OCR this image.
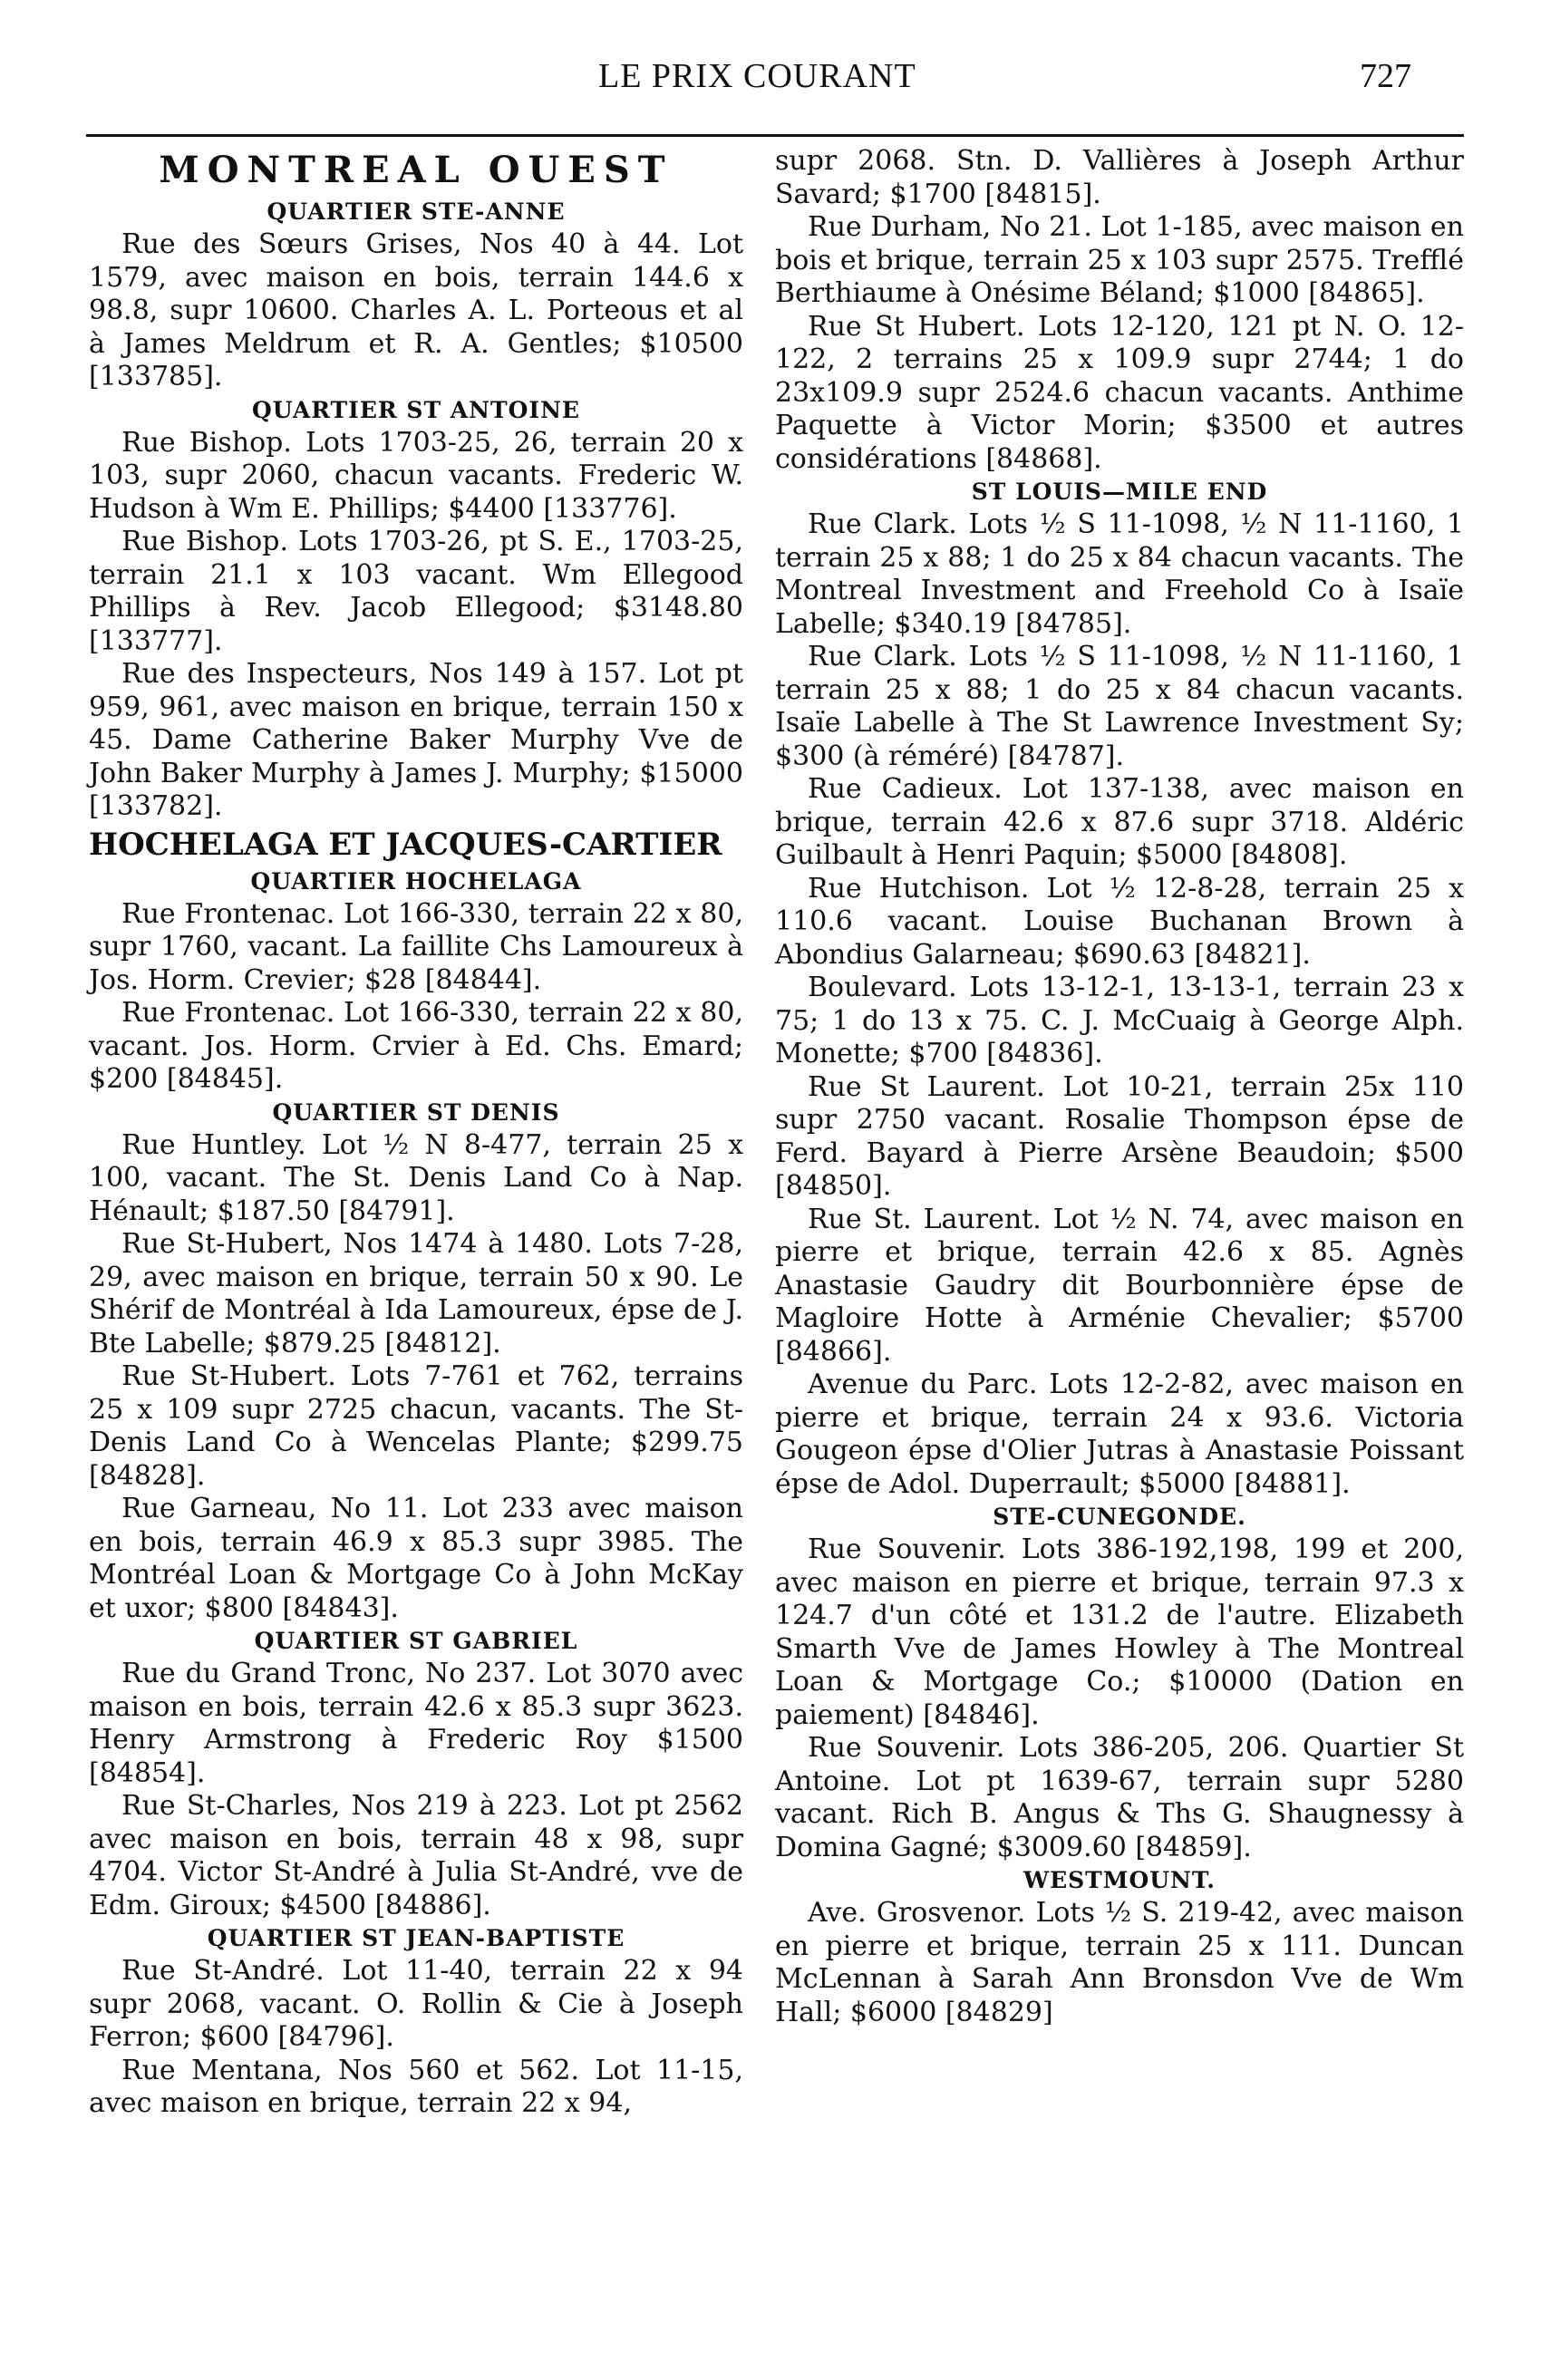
LE PRIX COURANT	727
MONTREAL OUEST
QUARTIER STE-ANNE

Rue des Sœurs Grises, Nos 40 à 44. Lot 1579, avec maison en bois, terrain 144.6 x 98.8, supr 10600. Charles A. L. Porteous et al à James Meldrum et R. A. Gentles; $10500 [133785].

QUARTIER ST ANTOINE

Rue Bishop. Lots 1703-25, 26, terrain 20 x 103, supr 2060, chacun vacants. Frederic W. Hudson à Wm E. Phillips; $4400 [133776].

Rue Bishop. Lots 1703-26, pt S. E., 1703-25, terrain 21.1 x 103 vacant. Wm Ellegood Phillips à Rev. Jacob Ellegood; $3148.80 [133777].

Rue des Inspecteurs, Nos 149 à 157. Lot pt 959, 961, avec maison en brique, terrain 150 x 45. Dame Catherine Baker Murphy Vve de John Baker Murphy à James J. Murphy; $15000 [133782].

HOCHELAGA ET JACQUES-CARTIER
QUARTIER HOCHELAGA

Rue Frontenac. Lot 166-330, terrain 22 x 80, supr 1760, vacant. La faillite Chs Lamoureux à Jos. Horm. Crevier; $28 [84844].

Rue Frontenac. Lot 166-330, terrain 22 x 80, vacant. Jos. Horm. Crvier à Ed. Chs. Emard; $200 [84845].

QUARTIER ST DENIS

Rue Huntley. Lot ½ N 8-477, terrain 25 x 100, vacant. The St. Denis Land Co à Nap. Hénault; $187.50 [84791].

Rue St-Hubert, Nos 1474 à 1480. Lots 7-28, 29, avec maison en brique, terrain 50 x 90. Le Shérif de Montréal à Ida Lamoureux, épse de J. Bte Labelle; $879.25 [84812].

Rue St-Hubert. Lots 7-761 et 762, terrains 25 x 109 supr 2725 chacun, vacants. The St-Denis Land Co à Wencelas Plante; $299.75 [84828].

Rue Garneau, No 11. Lot 233 avec maison en bois, terrain 46.9 x 85.3 supr 3985. The Montréal Loan & Mortgage Co à John McKay et uxor; $800 [84843].

QUARTIER ST GABRIEL

Rue du Grand Tronc, No 237. Lot 3070 avec maison en bois, terrain 42.6 x 85.3 supr 3623. Henry Armstrong à Frederic Roy $1500 [84854].

Rue St-Charles, Nos 219 à 223. Lot pt 2562 avec maison en bois, terrain 48 x 98, supr 4704. Victor St-André à Julia St-André, vve de Edm. Giroux; $4500 [84886].

QUARTIER ST JEAN-BAPTISTE

Rue St-André. Lot 11-40, terrain 22 x 94 supr 2068, vacant. O. Rollin & Cie à Joseph Ferron; $600 [84796].

Rue Mentana, Nos 560 et 562. Lot 11-15, avec maison en brique, terrain 22 x 94,

supr 2068. Stn. D. Vallières à Joseph Arthur Savard; $1700 [84815].

Rue Durham, No 21. Lot 1-185, avec maison en bois et brique, terrain 25 x 103 supr 2575. Trefflé Berthiaume à Onésime Béland; $1000 [84865].

Rue St Hubert. Lots 12-120, 121 pt N. O. 12-122, 2 terrains 25 x 109.9 supr 2744; 1 do 23x109.9 supr 2524.6 chacun vacants. Anthime Paquette à Victor Morin; $3500 et autres considérations [84868].

ST LOUIS—MILE END

Rue Clark. Lots ½ S 11-1098, ½ N 11-1160, 1 terrain 25 x 88; 1 do 25 x 84 chacun vacants. The Montreal Investment and Freehold Co à Isaïe Labelle; $340.19 [84785].

Rue Clark. Lots ½ S 11-1098, ½ N 11-1160, 1 terrain 25 x 88; 1 do 25 x 84 chacun vacants. Isaïe Labelle à The St Lawrence Investment Sy; $300 (à réméré) [84787].

Rue Cadieux. Lot 137-138, avec maison en brique, terrain 42.6 x 87.6 supr 3718. Aldéric Guilbault à Henri Paquin; $5000 [84808].

Rue Hutchison. Lot ½ 12-8-28, terrain 25 x 110.6 vacant. Louise Buchanan Brown à Abondius Galarneau; $690.63 [84821].

Boulevard. Lots 13-12-1, 13-13-1, terrain 23 x 75; 1 do 13 x 75. C. J. McCuaig à George Alph. Monette; $700 [84836].

Rue St Laurent. Lot 10-21, terrain 25x 110 supr 2750 vacant. Rosalie Thompson épse de Ferd. Bayard à Pierre Arsène Beaudoin; $500 [84850].

Rue St. Laurent. Lot ½ N. 74, avec maison en pierre et brique, terrain 42.6 x 85. Agnès Anastasie Gaudry dit Bourbonnière épse de Magloire Hotte à Arménie Chevalier; $5700 [84866].

Avenue du Parc. Lots 12-2-82, avec maison en pierre et brique, terrain 24 x 93.6. Victoria Gougeon épse d'Olier Jutras à Anastasie Poissant épse de Adol. Duperrault; $5000 [84881].

STE-CUNEGONDE.

Rue Souvenir. Lots 386-192,198, 199 et 200, avec maison en pierre et brique, terrain 97.3 x 124.7 d'un côté et 131.2 de l'autre. Elizabeth Smarth Vve de James Howley à The Montreal Loan & Mortgage Co.; $10000 (Dation en paiement) [84846].

Rue Souvenir. Lots 386-205, 206. Quartier St Antoine. Lot pt 1639-67, terrain supr 5280 vacant. Rich B. Angus & Ths G. Shaugnessy à Domina Gagné; $3009.60 [84859].

WESTMOUNT.

Ave. Grosvenor. Lots ½ S. 219-42, avec maison en pierre et brique, terrain 25 x 111. Duncan McLennan à Sarah Ann Bronsdon Vve de Wm Hall; $6000 [84829]
